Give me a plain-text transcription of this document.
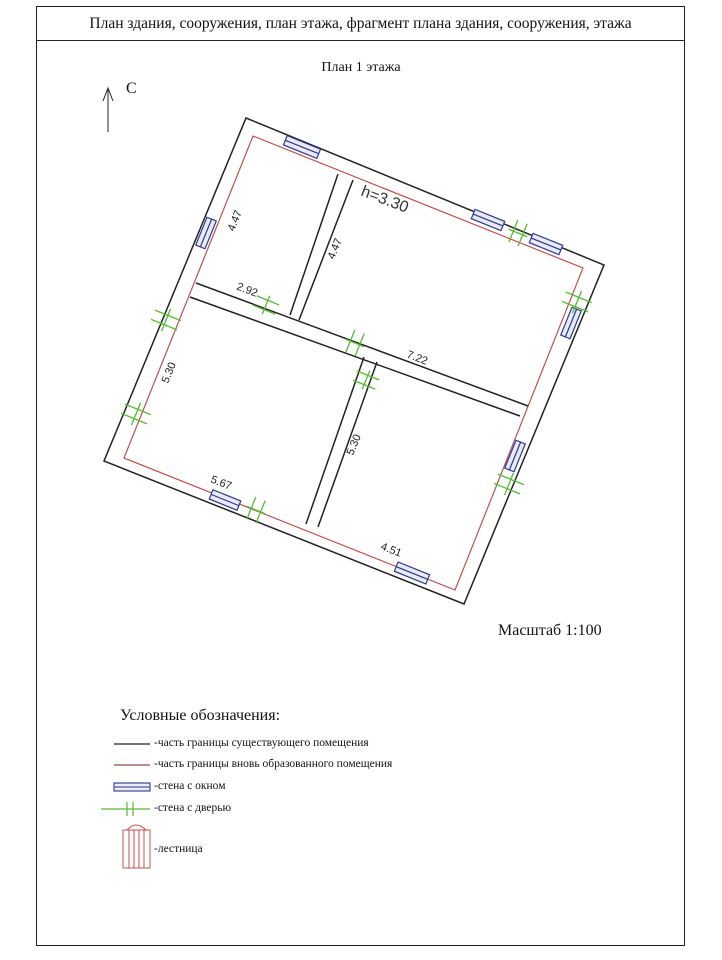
План здания, сооружения, план этажа, фрагмент плана здания, сооружения, этажа
План 1 этажа
С
Масштаб 1:100
4.47
4.47
2.92
h=3.30
7.22
5.30
5.30
5.67
4.51
Условные обозначения:
-часть границы существующего помещения
-часть границы вновь образованного помещения
-стена с окном
-стена с дверью
-лестница
